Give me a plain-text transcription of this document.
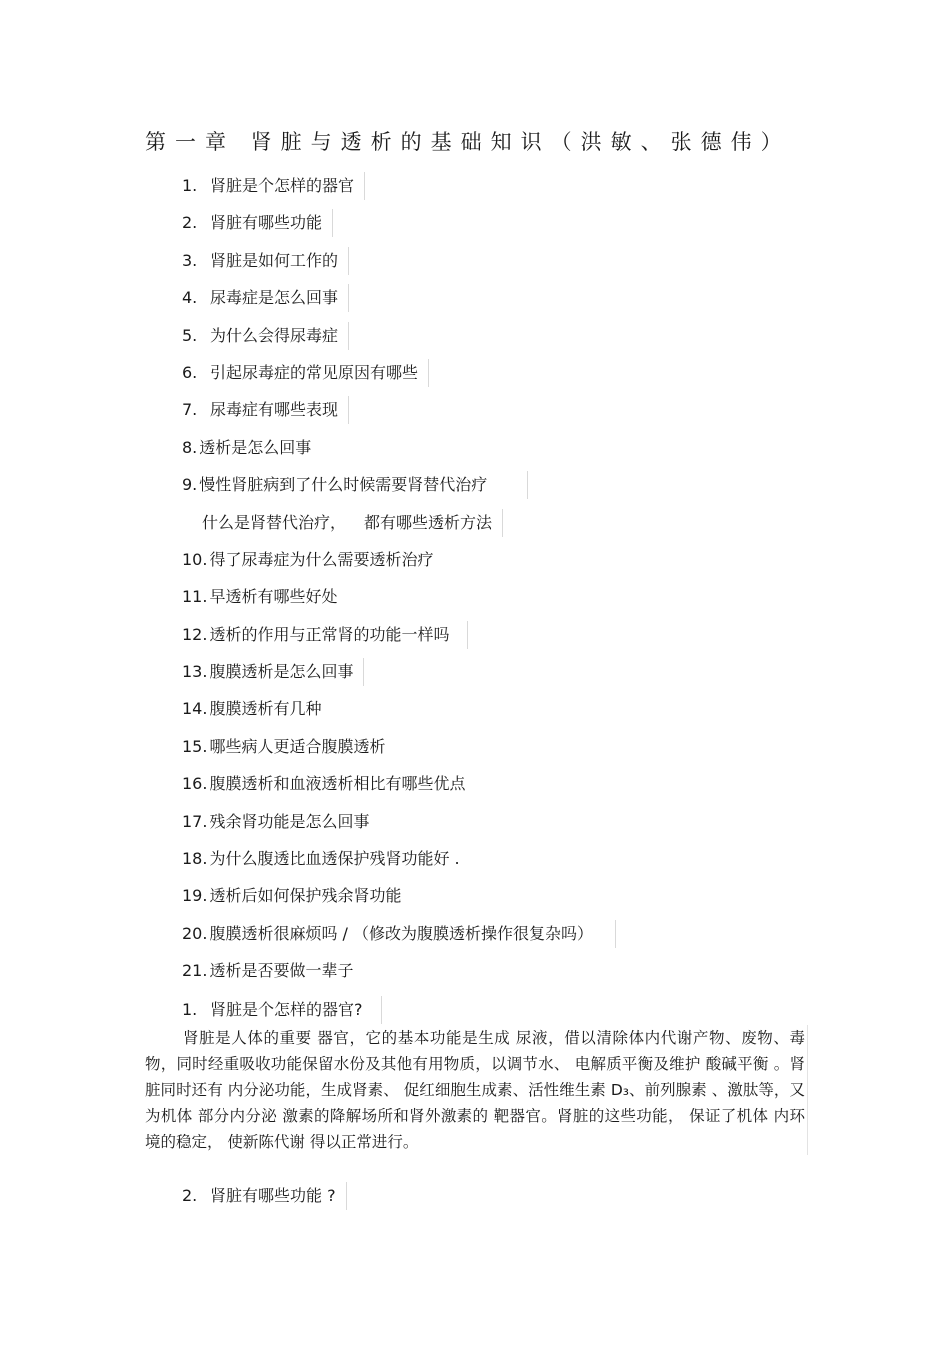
第一章 肾脏与透析的基础知识（洪敏、张德伟）
1. 肾脏是个怎样的器官
2. 肾脏有哪些功能
3. 肾脏是如何工作的
4. 尿毒症是怎么回事
5. 为什么会得尿毒症
6. 引起尿毒症的常见原因有哪些
7. 尿毒症有哪些表现
8. 透析是怎么回事
9. 慢性肾脏病到了什么时候需要肾替代治疗
什么是肾替代治疗， 都有哪些透析方法
10. 得了尿毒症为什么需要透析治疗
11. 早透析有哪些好处
12. 透析的作用与正常肾的功能一样吗
13. 腹膜透析是怎么回事
14. 腹膜透析有几种
15. 哪些病人更适合腹膜透析
16. 腹膜透析和血液透析相比有哪些优点
17. 残余肾功能是怎么回事
18. 为什么腹透比血透保护残肾功能好 .
19. 透析后如何保护残余肾功能
20. 腹膜透析很麻烦吗 / （修改为腹膜透析操作很复杂吗）
21. 透析是否要做一辈子
1. 肾脏是个怎样的器官?
肾脏是人体的重要 器官，它的基本功能是生成 尿液，借以清除体内代谢产物、废物、毒物，同时经重吸收功能保留水份及其他有用物质，以调节水、 电解质平衡及维护 酸碱平衡 。肾脏同时还有 内分泌功能，生成肾素、 促红细胞生成素、活性维生素 D₃、前列腺素 、激肽等，又为机体 部分内分泌 激素的降解场所和肾外激素的 靶器官。肾脏的这些功能， 保证了机体 内环境的稳定， 使新陈代谢 得以正常进行。
2. 肾脏有哪些功能 ?
